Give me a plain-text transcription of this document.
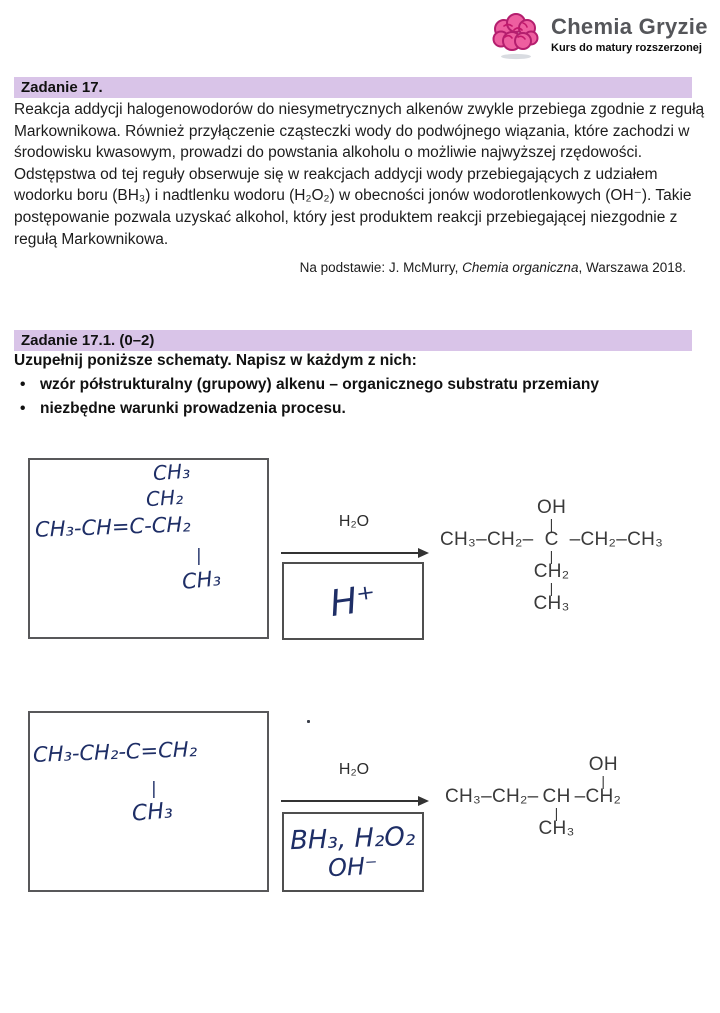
Chemia Gryzie
Kurs do matury rozszerzonej
Zadanie 17.

Reakcja addycji halogenowodorów do niesymetrycznych alkenów zwykle przebiega zgodnie z regułą Markownikowa. Również przyłączenie cząsteczki wody do podwójnego wiązania, które zachodzi w środowisku kwasowym, prowadzi do powstania alkoholu o możliwie najwyższej rzędowości. Odstępstwa od tej reguły obserwuje się w reakcjach addycji wody przebiegających z udziałem wodorku boru (BH₃) i nadtlenku wodoru (H₂O₂) w obecności jonów wodorotlenkowych (OH⁻). Takie postępowanie pozwala uzyskać alkohol, który jest produktem reakcji przebiegającej niezgodnie z regułą Markownikowa.

Na podstawie: J. McMurry, Chemia organiczna, Warszawa 2018.
Zadanie 17.1. (0–2)

Uzupełnij poniższe schematy. Napisz w każdym z nich:

• wzór półstrukturalny (grupowy) alkenu – organicznego substratu przemiany
• niezbędne warunki prowadzenia procesu.
CH₃
CH₂
CH₃-CH=C-CH₂
|
CH₃
H₂O
H⁺
OH
|
CH₃–CH₂– C –CH₂–CH₃
|
CH₂
|
CH₃
CH₃-CH₂-C=CH₂
|
CH₃
H₂O
BH₃, H₂O₂
OH⁻
OH
|
CH₃–CH₂– CH – CH₂
|
CH₃
